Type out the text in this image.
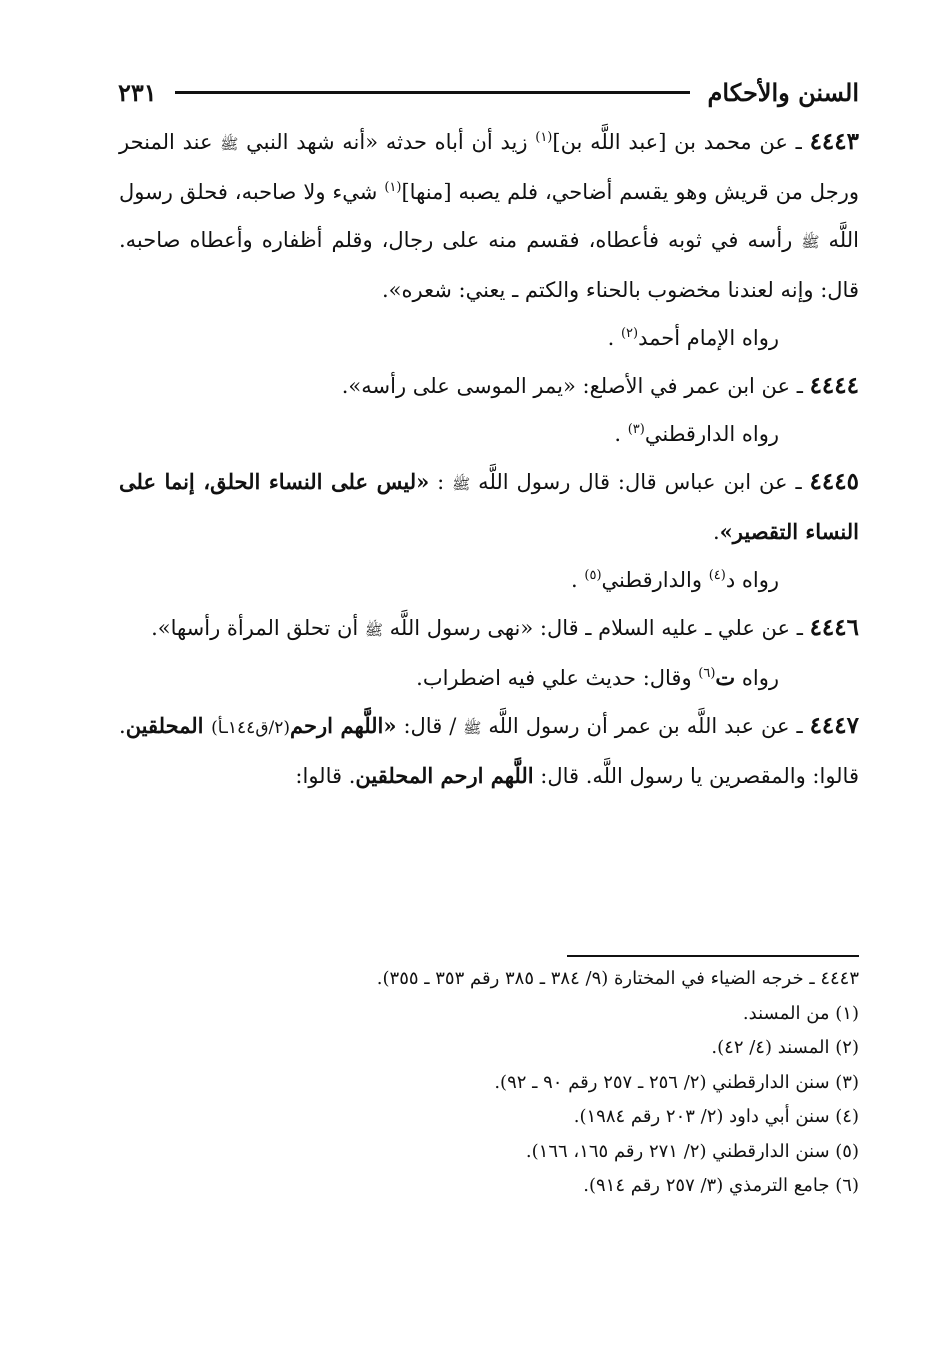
السنن والأحكام
٢٣١

٤٤٤٣ ـ عن محمد بن [عبد اللَّه بن]$^{(١)}$ زيد أن أباه حدثه «أنه شهد النبي ﷺ عند المنحر ورجل من قريش وهو يقسم أضاحي، فلم يصبه [منها]$^{(١)}$ شيء ولا صاحبه، فحلق رسول اللَّه ﷺ رأسه في ثوبه فأعطاه، فقسم منه على رجال، وقلم أظفاره وأعطاه صاحبه. قال: وإنه لعندنا مخضوب بالحناء والكتم ـ يعني: شعره».

رواه الإمام أحمد$^{(٢)}$ .

٤٤٤٤ ـ عن ابن عمر في الأصلع: «يمر الموسى على رأسه».

رواه الدارقطني$^{(٣)}$ .

٤٤٤٥ ـ عن ابن عباس قال: قال رسول اللَّه ﷺ : «ليس على النساء الحلق، إنما على النساء التقصير».

رواه د$^{(٤)}$ والدارقطني$^{(٥)}$ .

٤٤٤٦ ـ عن علي ـ عليه السلام ـ قال: «نهى رسول اللَّه ﷺ أن تحلق المرأة رأسها».

رواه ت$^{(٦)}$ وقال: حديث علي فيه اضطراب.

٤٤٤٧ ـ عن عبد اللَّه بن عمر أن رسول اللَّه ﷺ / قال: «اللَّهم ارحم(٢/ق١٤٤ـأ) المحلقين. قالوا: والمقصرين يا رسول اللَّه. قال: اللَّهم ارحم المحلقين. قالوا:

٤٤٤٣ ـ خرجه الضياء في المختارة (٩/ ٣٨٤ ـ ٣٨٥ رقم ٣٥٣ ـ ٣٥٥).

(١) من المسند.

(٢) المسند (٤/ ٤٢).

(٣) سنن الدارقطني (٢/ ٢٥٦ ـ ٢٥٧ رقم ٩٠ ـ ٩٢).

(٤) سنن أبي داود (٢/ ٢٠٣ رقم ١٩٨٤).

(٥) سنن الدارقطني (٢/ ٢٧١ رقم ١٦٥، ١٦٦).

(٦) جامع الترمذي (٣/ ٢٥٧ رقم ٩١٤).
